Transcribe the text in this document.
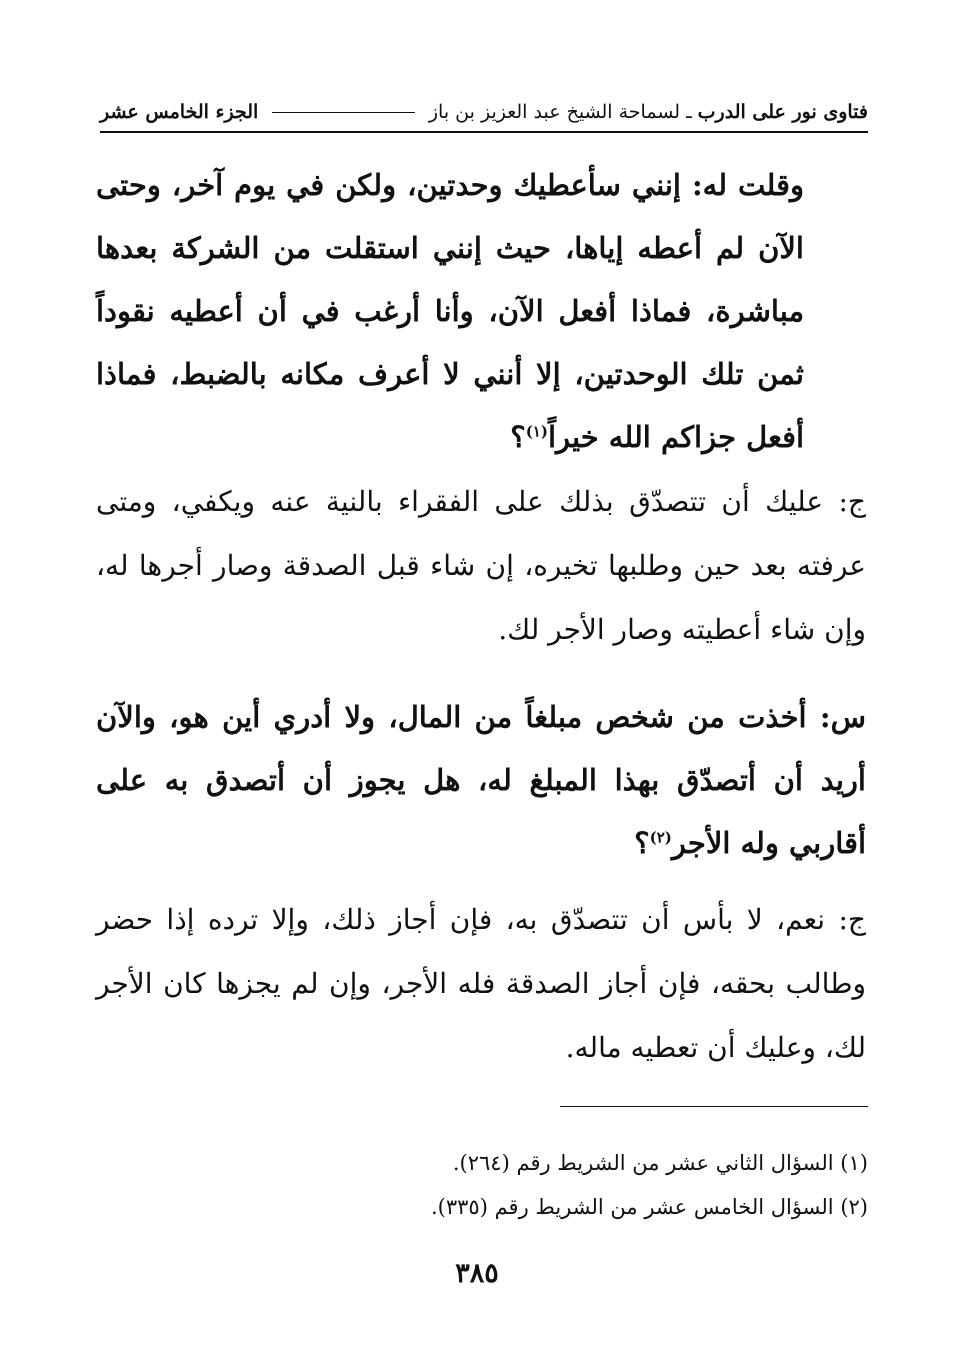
فتاوى نور على الدرب
ـ
لسماحة الشيخ عبد العزيز بن باز
الجزء الخامس عشر

وقلت له: إنني سأعطيك وحدتين، ولكن في يوم آخر، وحتى الآن لم أعطه إياها، حيث إنني استقلت من الشركة بعدها مباشرة، فماذا أفعل الآن، وأنا أرغب في أن أعطيه نقوداً ثمن تلك الوحدتين، إلا أنني لا أعرف مكانه بالضبط، فماذا أفعل جزاكم الله خيراً$^{(١)}$؟

ج: عليك أن تتصدّق بذلك على الفقراء بالنية عنه ويكفي، ومتى عرفته بعد حين وطلبها تخيره، إن شاء قبل الصدقة وصار أجرها له، وإن شاء أعطيته وصار الأجر لك.

س: أخذت من شخص مبلغاً من المال، ولا أدري أين هو، والآن أريد أن أتصدّق بهذا المبلغ له، هل يجوز أن أتصدق به على أقاربي وله الأجر$^{(٢)}$؟

ج: نعم، لا بأس أن تتصدّق به، فإن أجاز ذلك، وإلا ترده إذا حضر وطالب بحقه، فإن أجاز الصدقة فله الأجر، وإن لم يجزها كان الأجر لك، وعليك أن تعطيه ماله.

(١) السؤال الثاني عشر من الشريط رقم (٢٦٤).

(٢) السؤال الخامس عشر من الشريط رقم (٣٣٥).

٣٨٥
